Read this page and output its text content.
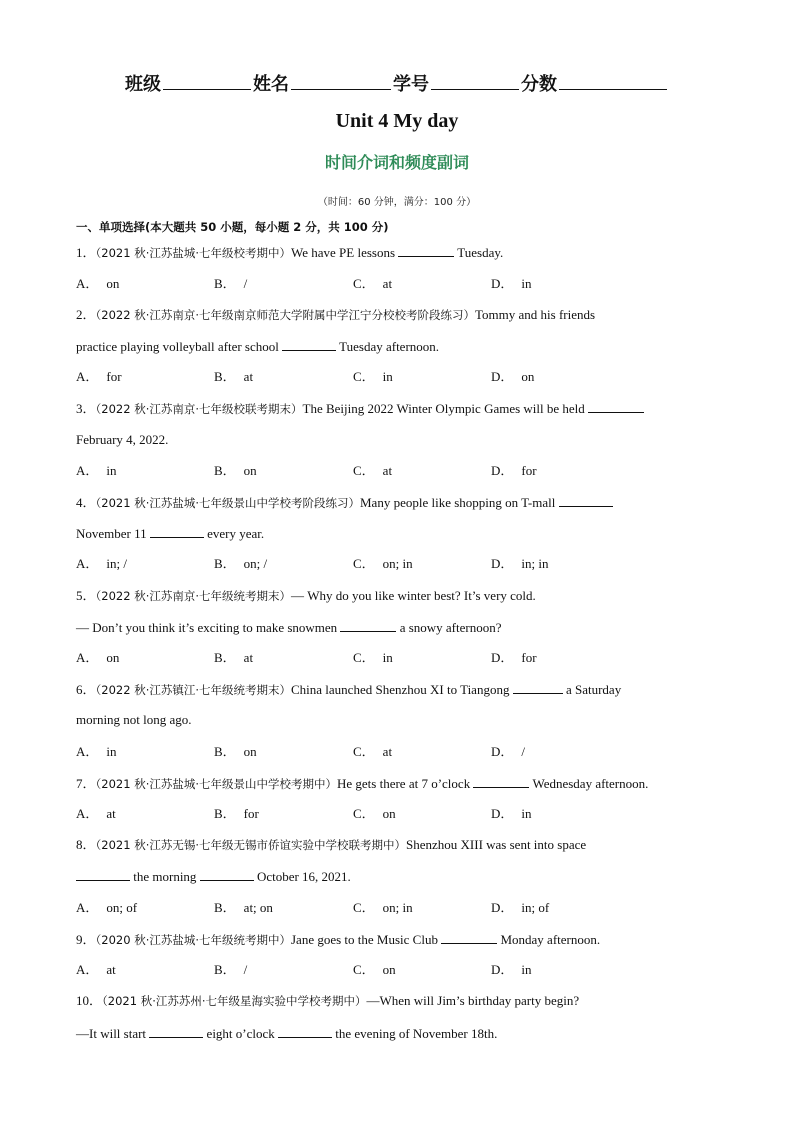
班级	姓名	学号	分数
Unit 4 My day
时间介词和频度副词
（时间：60 分钟，满分：100 分）
一、单项选择(本大题共 50 小题，每小题 2 分，共 100 分)
1．（2021 秋·江苏盐城·七年级校考期中）We have PE lessons	Tuesday.
A． on	B． /	C． at	D． in
2．（2022 秋·江苏南京·七年级南京师范大学附属中学江宁分校校考阶段练习）Tommy and his friends
practice playing volleyball after school	Tuesday afternoon.
A． for	B． at	C． in	D． on
3．（2022 秋·江苏南京·七年级校联考期末）The Beijing 2022 Winter Olympic Games will be held
February 4, 2022.
A． in	B． on	C． at	D． for
4．（2021 秋·江苏盐城·七年级景山中学校考阶段练习）Many people like shopping on T-mall
November 11	every year.
A． in; /	B． on; /	C． on; in	D． in; in
5．（2022 秋·江苏南京·七年级统考期末）— Why do you like winter best? It’s very cold.
— Don’t you think it’s exciting to make snowmen	a snowy afternoon?
A． on	B． at	C． in	D． for
6．（2022 秋·江苏镇江·七年级统考期末）China launched Shenzhou XI to Tiangong	a Saturday
morning not long ago.
A． in	B． on	C． at	D． /
7．（2021 秋·江苏盐城·七年级景山中学校考期中）He gets there at 7 o’clock	Wednesday afternoon.
A． at	B． for	C． on	D． in
8．（2021 秋·江苏无锡·七年级无锡市侨谊实验中学校联考期中）Shenzhou XIII was sent into space
the morning	October 16, 2021.
A． on; of	B． at; on	C． on; in	D． in; of
9．（2020 秋·江苏盐城·七年级统考期中）Jane goes to the Music Club	Monday afternoon.
A． at	B． /	C． on	D． in
10．（2021 秋·江苏苏州·七年级星海实验中学校考期中）—When will Jim’s birthday party begin?
—It will start	eight o’clock	the evening of November 18th.
